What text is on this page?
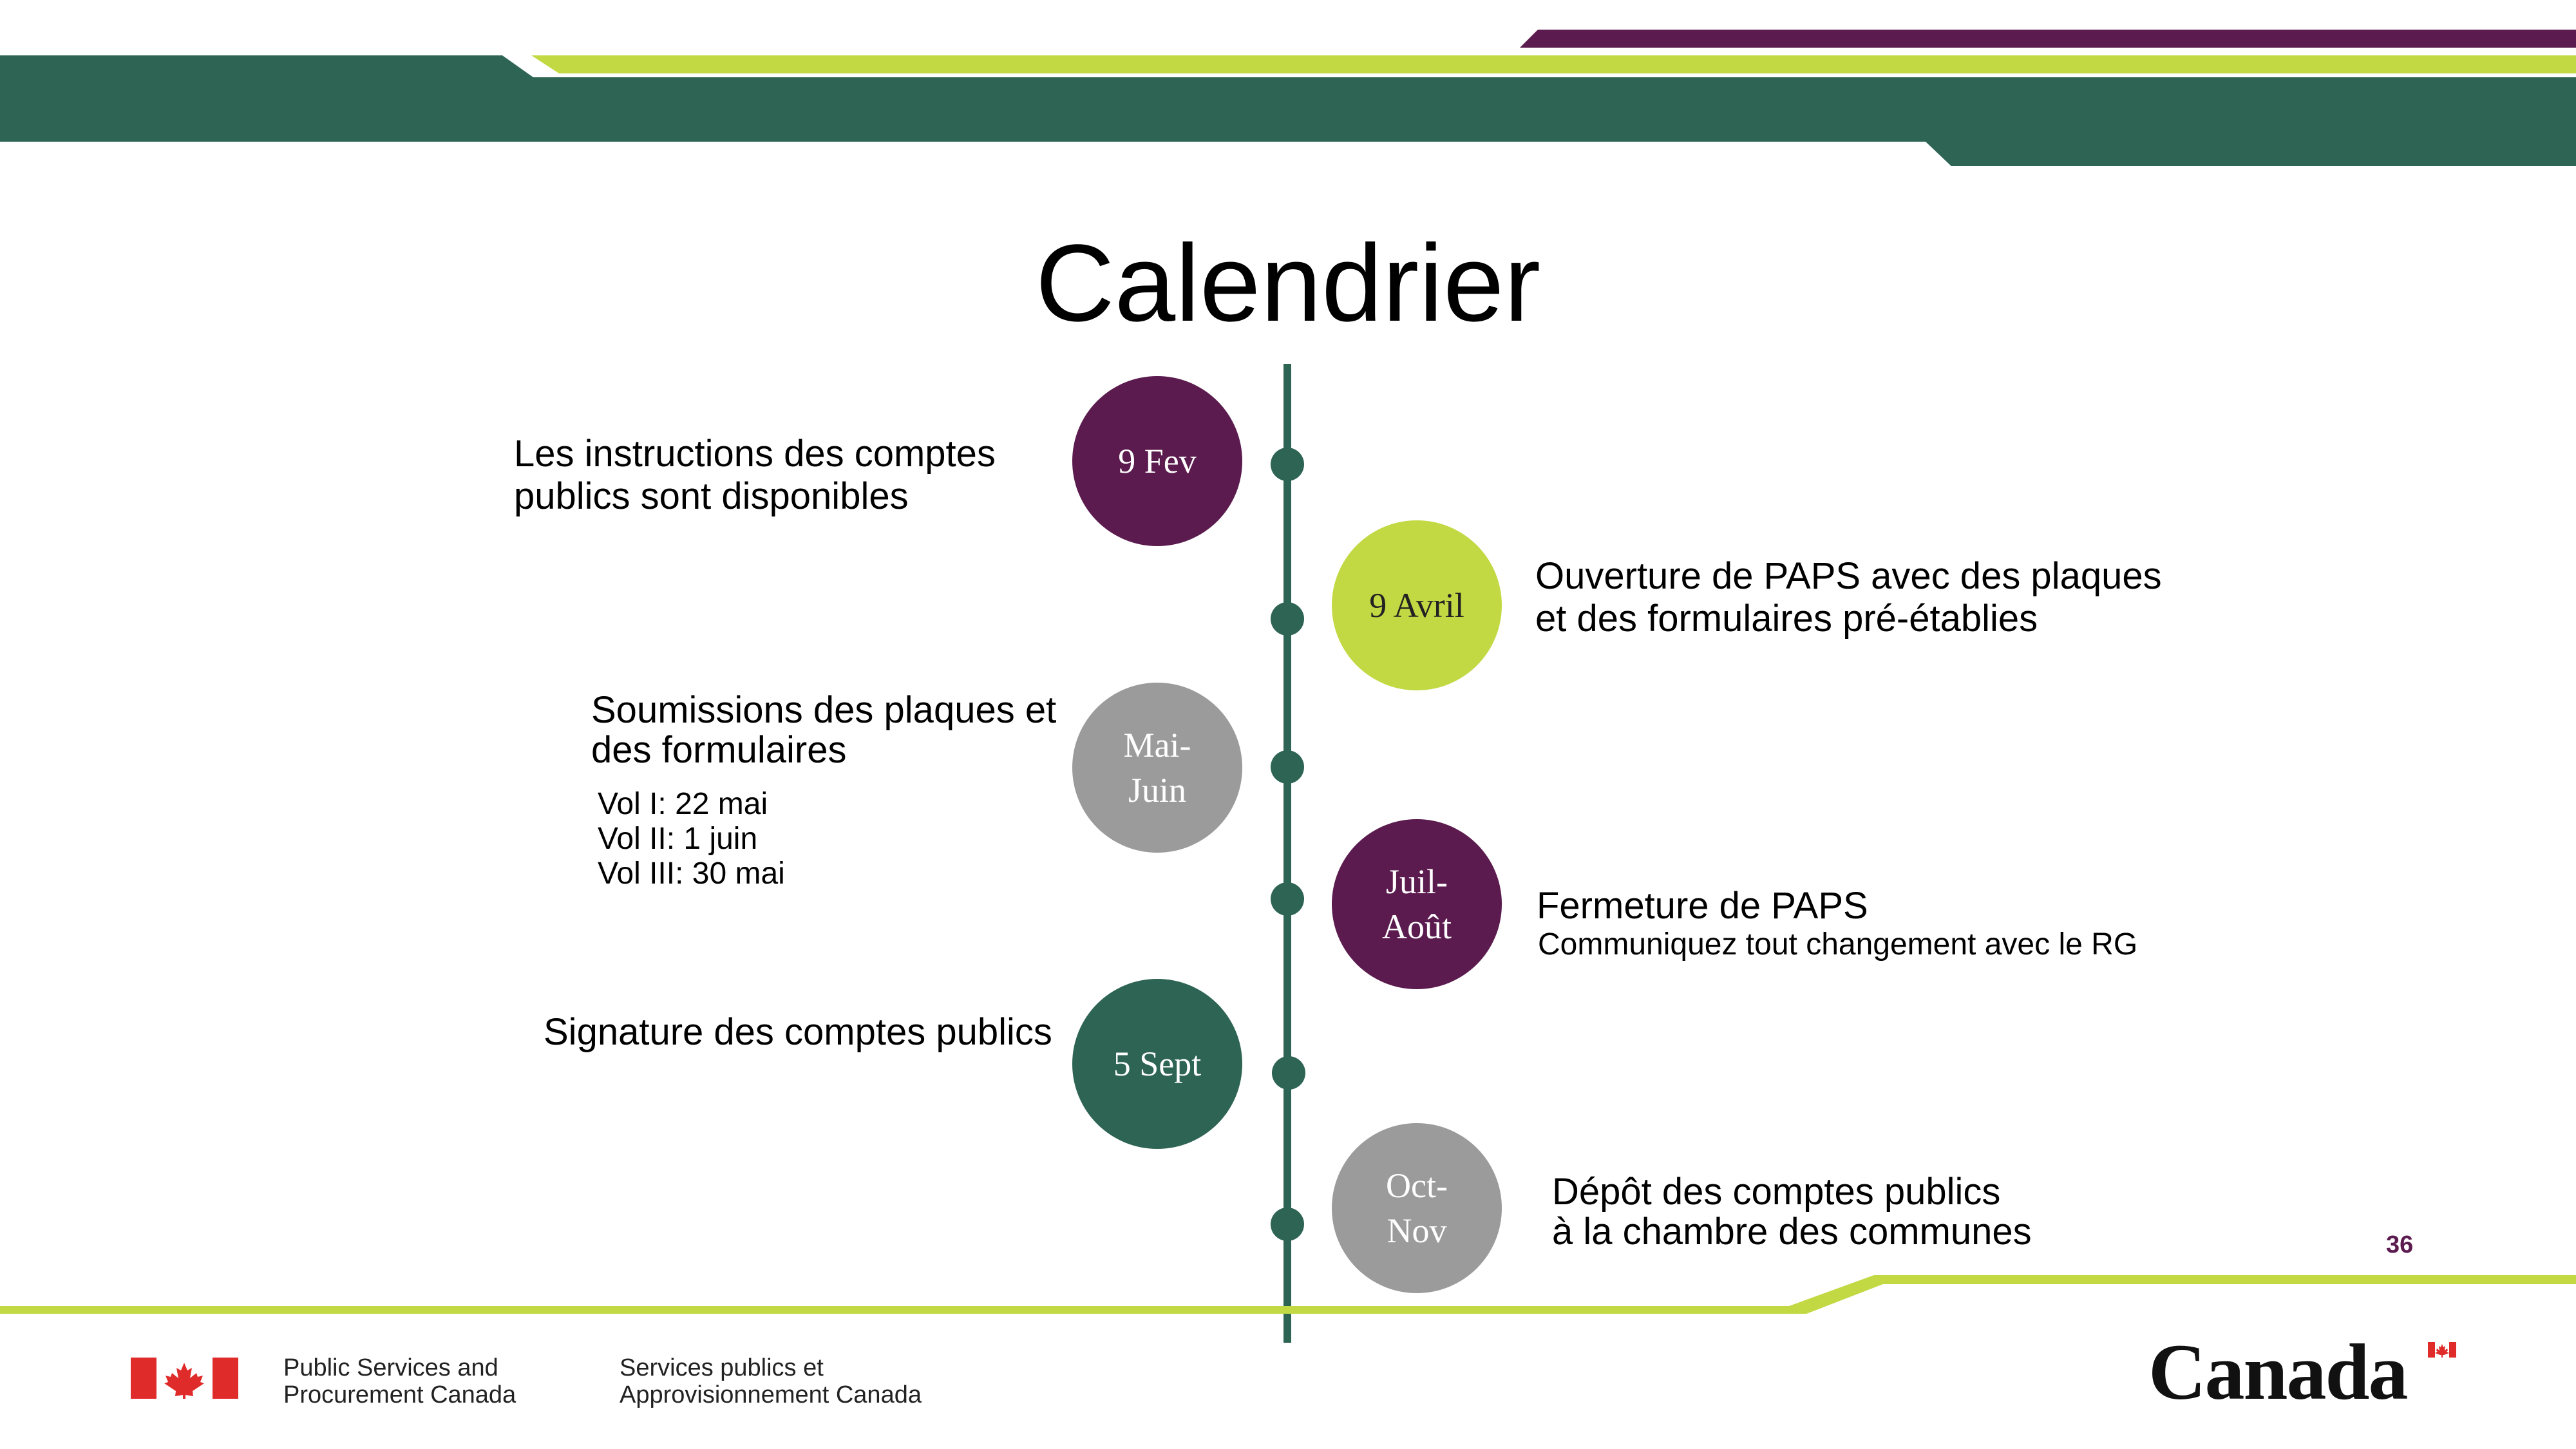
Calendrier
9 Fev
Les instructions des comptes
publics sont disponibles
9 Avril
Ouverture de PAPS avec des plaques
et des formulaires pré-établies
Mai-
Juin
Soumissions des plaques et
des formulaires
Vol I: 22 mai
Vol II: 1 juin
Vol III: 30 mai	Juil-
Août Fermeture de PAPS
Communiquez tout changement avec le RG
5 Sept
Signature des comptes publics
Oct-
Nov
Dépôt des comptes publics
à la chambre des communes	36
Public Services and
Procurement Canada
Services publics et
Approvisionnement Canada	Canada
